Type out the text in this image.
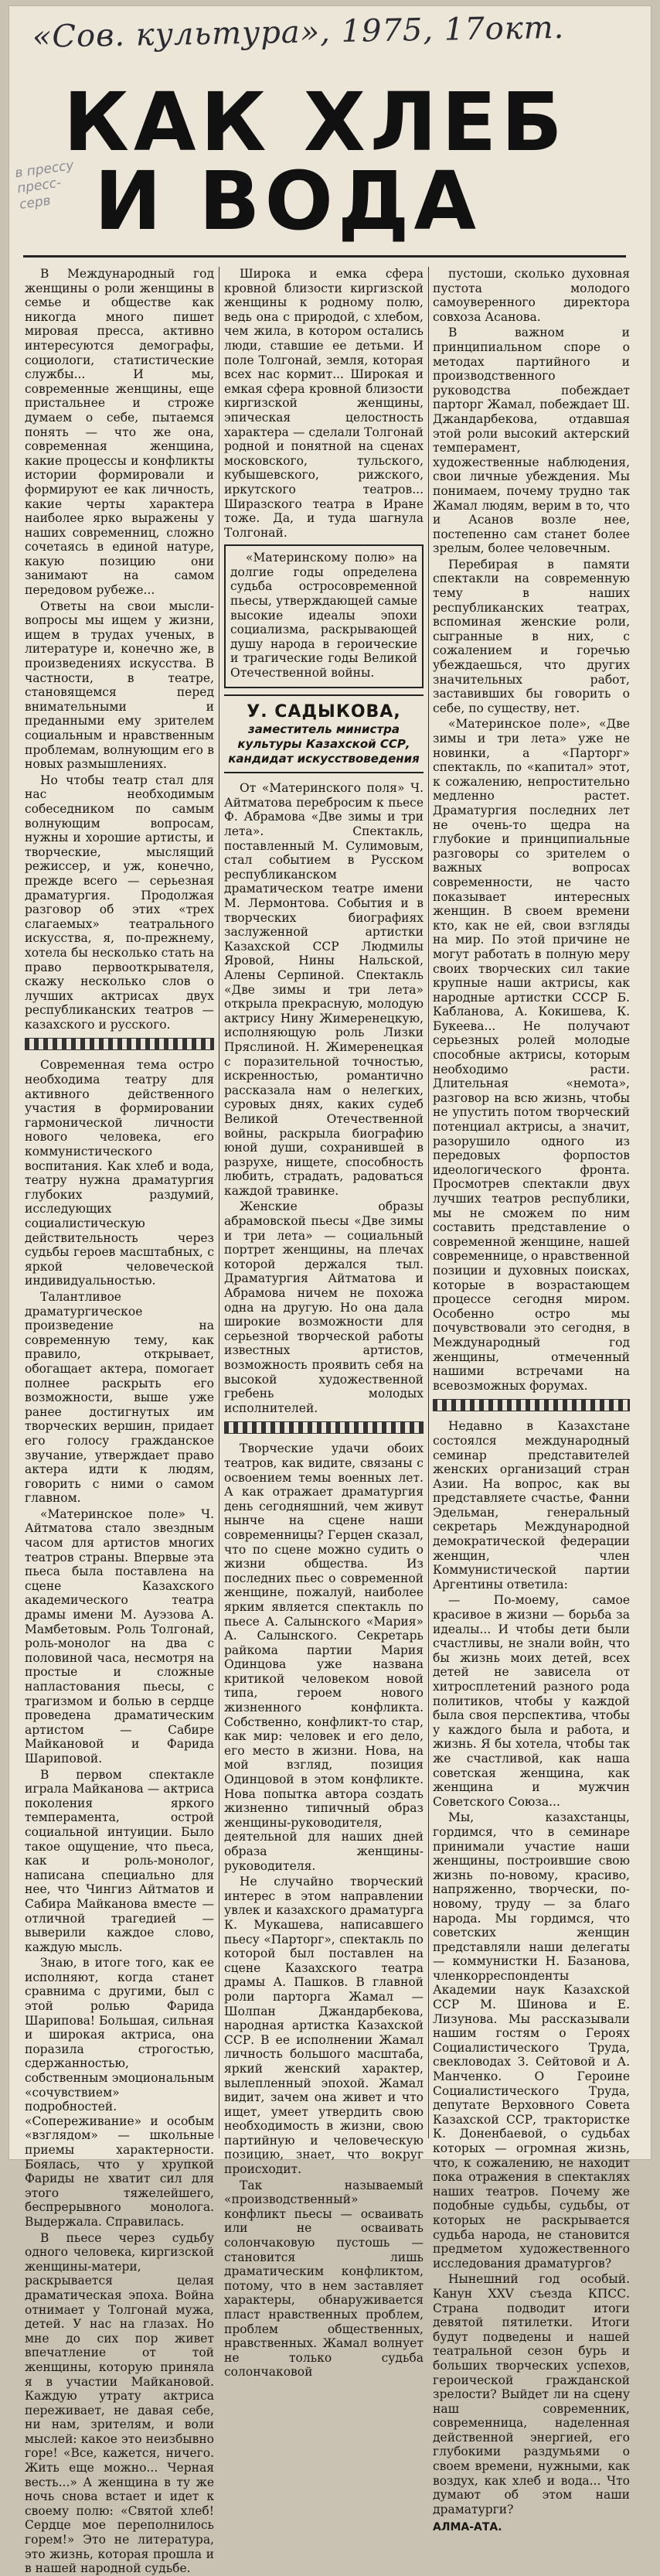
«Сов. культура», 1975, 17окт.
в прессу пресс-серв
КАК ХЛЕБ
И ВОДА

В Международный год женщины о роли женщины в семье и обществе как никогда много пишет мировая пресса, активно интересуются демографы, социологи, статистические службы... И мы, современные женщины, еще пристальнее и строже думаем о себе, пытаемся понять — что же она, современная женщина, какие процессы и конфликты истории формировали и формируют ее как личность, какие черты характера наиболее ярко выражены у наших современниц, сложно сочетаясь в единой натуре, какую позицию они занимают на самом передовом рубеже...

Ответы на свои мысли-вопросы мы ищем у жизни, ищем в трудах ученых, в литературе и, конечно же, в произведениях искусства. В частности, в театре, становящемся перед внимательными и преданными ему зрителем социальным и нравственным проблемам, волнующим его в новых размышлениях.

Но чтобы театр стал для нас необходимым собеседником по самым волнующим вопросам, нужны и хорошие артисты, и творческие, мыслящий режиссер, и уж, конечно, прежде всего — серьезная драматургия. Продолжая разговор об этих «трех слагаемых» театрального искусства, я, по-прежнему, хотела бы несколько стать на право первооткрывателя, скажу несколько слов о лучших актрисах двух республиканских театров — казахского и русского.

Современная тема остро необходима театру для активного действенного участия в формировании гармонической личности нового человека, его коммунистического воспитания. Как хлеб и вода, театру нужна драматургия глубоких раздумий, исследующих социалистическую действительность через судьбы героев масштабных, с яркой человеческой индивидуальностью.

Талантливое драматургическое произведение на современную тему, как правило, открывает, обогащает актера, помогает полнее раскрыть его возможности, выше уже ранее достигнутых им творческих вершин, придает его голосу гражданское звучание, утверждает право актера идти к людям, говорить с ними о самом главном.

«Материнское поле» Ч. Айтматова стало звездным часом для артистов многих театров страны. Впервые эта пьеса была поставлена на сцене Казахского академического театра драмы имени М. Ауэзова А. Мамбетовым. Роль Толгонай, роль-монолог на два с половиной часа, несмотря на простые и сложные напластования пьесы, с трагизмом и болью в сердце проведена драматическим артистом — Сабире Майкановой и Фарида Шариповой.

В первом спектакле играла Майканова — актриса поколения яркого темперамента, острой социальной интуиции. Было такое ощущение, что пьеса, как и роль-монолог, написана специально для нее, что Чингиз Айтматов и Сабира Майканова вместе — отличной трагедией — выверили каждое слово, каждую мысль.

Знаю, в итоге того, как ее исполняют, когда станет сравнима с другими, был с этой ролью Фарида Шарипова! Большая, сильная и широкая актриса, она поразила строгостью, сдержанностью, собственным эмоциональным «сочувствием» подробностей. «Сопереживание» и особым «взглядом» — школьные приемы характерности. Боялась, что у хрупкой Фариды не хватит сил для этого тяжелейшего, беспрерывного монолога. Выдержала. Справилась.

В пьесе через судьбу одного человека, киргизской женщины-матери, раскрывается целая драматическая эпоха. Война отнимает у Толгонай мужа, детей. У нас на глазах. Но мне до сих пор живет впечатление от той женщины, которую приняла я в участии Майкановой. Каждую утрату актриса переживает, не давая себе, ни нам, зрителям, и воли мыслей: какое это неизбывно горе! «Все, кажется, ничего. Жить еще можно... Черная весть...» А женщина в ту же ночь снова встает и идет к своему полю: «Святой хлеб! Сердце мое переполнилось горем!» Это не литература, это жизнь, которая прошла и в нашей народной судьбе.

Широка и емка сфера кровной близости киргизской женщины к родному полю, ведь она с природой, с хлебом, чем жила, в котором остались люди, ставшие ее детьми. И поле Толгонай, земля, которая всех нас кормит... Широкая и емкая сфера кровной близости киргизской женщины, эпическая целостность характера — сделали Толгонай родной и понятной на сценах московского, тульского, кубышевского, рижского, иркутского театров... Ширазского театра в Иране тоже. Да, и туда шагнула Толгонай.

«Материнскому полю» на долгие годы определена судьба остросовременной пьесы, утверждающей самые высокие идеалы эпохи социализма, раскрывающей душу народа в героические и трагические годы Великой Отечественной войны.

У. САДЫКОВА,
заместитель министра культуры Казахской ССР, кандидат искусствоведения

От «Материнского поля» Ч. Айтматова перебросим к пьесе Ф. Абрамова «Две зимы и три лета». Спектакль, поставленный М. Сулимовым, стал событием в Русском республиканском драматическом театре имени М. Лермонтова. События и в творческих биографиях заслуженной артистки Казахской ССР Людмилы Яровой, Нины Нальской, Алены Серпиной. Спектакль «Две зимы и три лета» открыла прекрасную, молодую актрису Нину Жимеренецкую, исполняющую роль Лизки Пряслиной. Н. Жимеренецкая с поразительной точностью, искренностью, романтично рассказала нам о нелегких, суровых днях, каких судеб Великой Отечественной войны, раскрыла биографию юной души, сохранившей в разрухе, нищете, способность любить, страдать, радоваться каждой травинке.

Женские образы абрамовской пьесы «Две зимы и три лета» — социальный портрет женщины, на плечах которой держался тыл. Драматургия Айтматова и Абрамова ничем не похожа одна на другую. Но она дала широкие возможности для серьезной творческой работы известных артистов, возможность проявить себя на высокой художественной гребень молодых исполнителей.

Творческие удачи обоих театров, как видите, связаны с освоением темы военных лет. А как отражает драматургия день сегодняшний, чем живут нынче на сцене наши современницы? Герцен сказал, что по сцене можно судить о жизни общества. Из последних пьес о современной женщине, пожалуй, наиболее ярким является спектакль по пьесе А. Салынского «Мария» А. Салынского. Секретарь райкома партии Мария Одинцова уже названа критикой человеком новой типа, героем нового жизненного конфликта. Собственно, конфликт-то стар, как мир: человек и его дело, его место в жизни. Нова, на мой взгляд, позиция Одинцовой в этом конфликте. Нова попытка автора создать жизненно типичный образ женщины-руководителя, деятельной для наших дней образа женщины-руководителя.

Не случайно творческий интерес в этом направлении увлек и казахского драматурга К. Мукашева, написавшего пьесу «Парторг», спектакль по которой был поставлен на сцене Казахского театра драмы А. Пашков. В главной роли парторга Жамал — Шолпан Джандарбекова, народная артистка Казахской ССР. В ее исполнении Жамал личность большого масштаба, яркий женский характер, вылепленный эпохой. Жамал видит, зачем она живет и что ищет, умеет утвердить свою необходимость в жизни, свою партийную и человеческую позицию, знает, что вокруг происходит.

Так называемый «производственный» конфликт пьесы — осваивать или не осваивать солончаковую пустошь — становится лишь драматическим конфликтом, потому, что в нем заставляет характеры, обнаруживается пласт нравственных проблем, проблем общественных, нравственных. Жамал волнует не только судьба солончаковой

пустоши, сколько духовная пустота молодого самоуверенного директора совхоза Асанова.

В важном и принципиальном споре о методах партийного и производственного руководства побеждает парторг Жамал, побеждает Ш. Джандарбекова, отдавшая этой роли высокий актерский темперамент, художественные наблюдения, свои личные убеждения. Мы понимаем, почему трудно так Жамал людям, верим в то, что и Асанов возле нее, постепенно сам станет более зрелым, более человечным.

Перебирая в памяти спектакли на современную тему в наших республиканских театрах, вспоминая женские роли, сыгранные в них, с сожалением и горечью убеждаешься, что других значительных работ, заставивших бы говорить о себе, по существу, нет.

«Материнское поле», «Две зимы и три лета» уже не новинки, а «Парторг» спектакль, по «капитал» этот, к сожалению, непростительно медленно растет. Драматургия последних лет не очень-то щедра на глубокие и принципиальные разговоры со зрителем о важных вопросах современности, не часто показывает интересных женщин. В своем времени кто, как не ей, свои взгляды на мир. По этой причине не могут работать в полную меру своих творческих сил такие крупные наши актрисы, как народные артистки СССР Б. Кабланова, А. Кокишева, К. Букеева... Не получают серьезных ролей молодые способные актрисы, которым необходимо расти. Длительная «немота», разговор на всю жизнь, чтобы не упустить потом творческий потенциал актрисы, а значит, разорушило одного из передовых форпостов идеологического фронта. Просмотрев спектакли двух лучших театров республики, мы не сможем по ним составить представление о современной женщине, нашей современнице, о нравственной позиции и духовных поисках, которые в возрастающем процессе сегодня миром. Особенно остро мы почувствовали это сегодня, в Международный год женщины, отмеченный нашими встречами на всевозможных форумах.

Недавно в Казахстане состоялся международный семинар представителей женских организаций стран Азии. На вопрос, как вы представляете счастье, Фанни Эдельман, генеральный секретарь Международной демократической федерации женщин, член Коммунистической партии Аргентины ответила:

— По-моему, самое красивое в жизни — борьба за идеалы... И чтобы дети были счастливы, не знали войн, что бы жизнь моих детей, всех детей не зависела от хитросплетений разного рода политиков, чтобы у каждой была своя перспектива, чтобы у каждого была и работа, и жизнь. Я бы хотела, чтобы так же счастливой, как наша советская женщина, как женщина и мужчин Советского Союза...

Мы, казахстанцы, гордимся, что в семинаре принимали участие наши женщины, построившие свою жизнь по-новому, красиво, напряженно, творчески, по-новому, труду — за благо народа. Мы гордимся, что советских женщин представляли наши делегаты — коммунистки Н. Базанова, членкорреспонденты Академии наук Казахской ССР М. Шинова и Е. Лизунова. Мы рассказывали нашим гостям о Героях Социалистического Труда, свекловодах З. Сейтовой и А. Манченко. О Героине Социалистического Труда, депутате Верховного Совета Казахской ССР, трактористке К. Доненбаевой, о судьбах которых — огромная жизнь, что, к сожалению, не находит пока отражения в спектаклях наших театров. Почему же подобные судьбы, судьбы, от которых не раскрывается судьба народа, не становится предметом художественного исследования драматургов?

Нынешний год особый. Канун XXV съезда КПСС. Страна подводит итоги девятой пятилетки. Итоги будут подведены и нашей театральной сезон бурь и больших творческих успехов, героической гражданской зрелости? Выйдет ли на сцену наш современник, современница, наделенная действенной энергией, его глубокими раздумьями о своем времени, нужными, как воздух, как хлеб и вода... Что думают об этом наши драматурги?

АЛМА-АТА.
